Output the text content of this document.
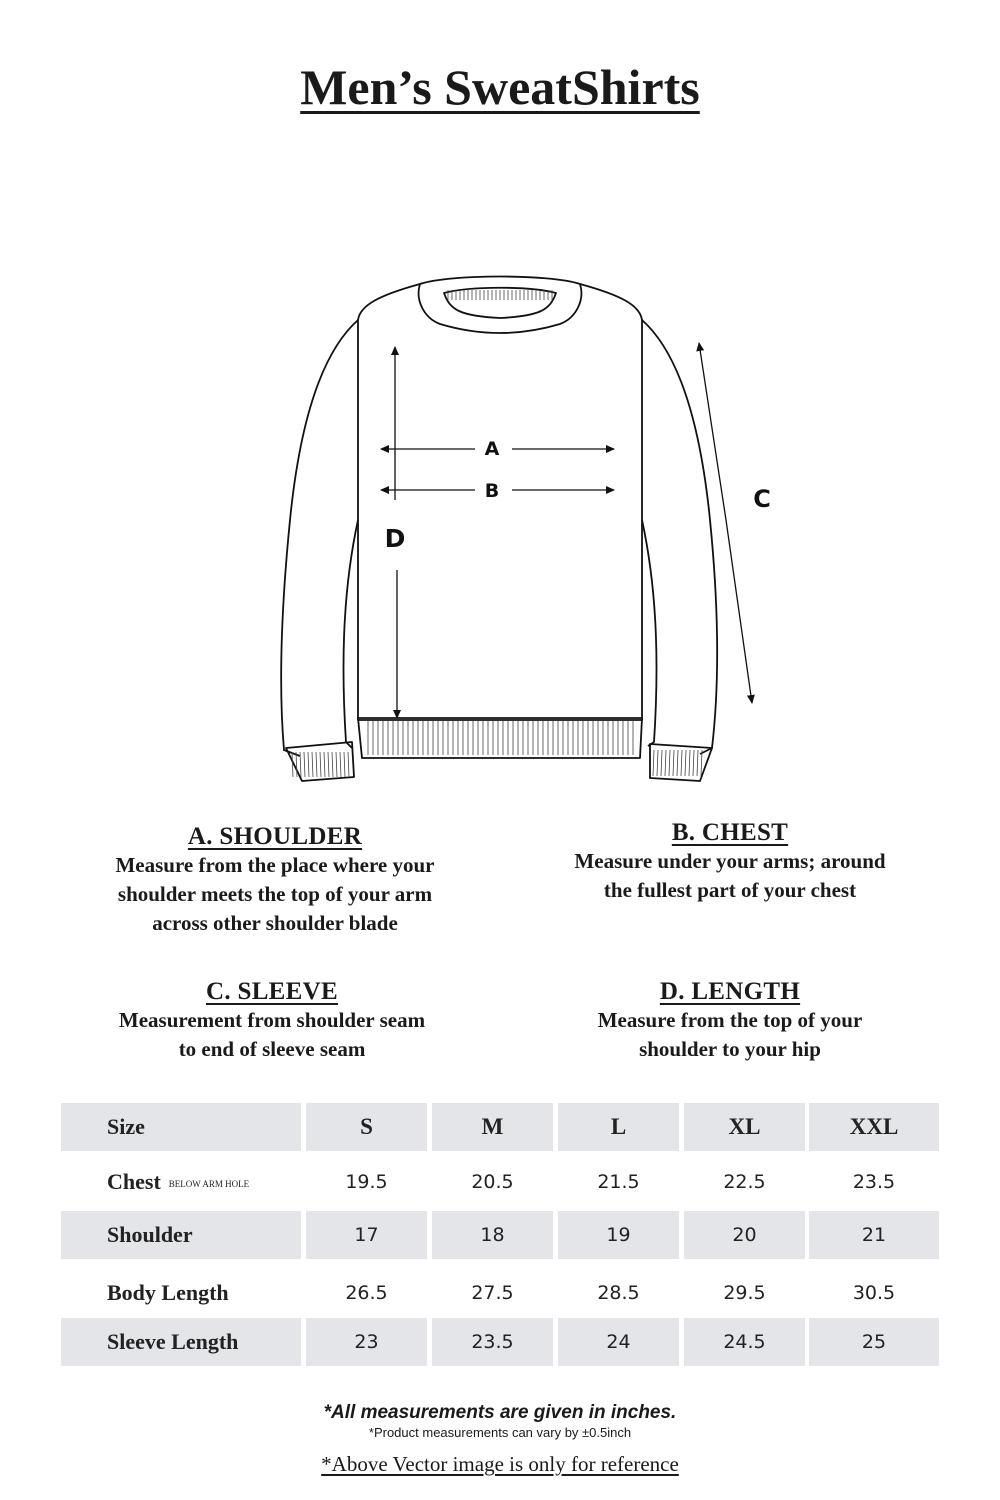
Men’s SweatShirts
A
B	C
D
A. SHOULDER
Measure from the place where your
shoulder meets the top of your arm
across other shoulder blade
B. CHEST
Measure under your arms; around
the fullest part of your chest
C. SLEEVE
Measurement from shoulder seam
to end of sleeve seam
D. LENGTH
Measure from the top of your
shoulder to your hip
Size	S	M	L	XL	XXL
Chest BELOW ARM HOLE	19.5	20.5	21.5	22.5	23.5
Shoulder	17	18	19	20	21
Body Length	26.5	27.5	28.5	29.5	30.5
Sleeve Length	23	23.5	24	24.5	25
*All measurements are given in inches.
*Product measurements can vary by ±0.5inch
*Above Vector image is only for reference
